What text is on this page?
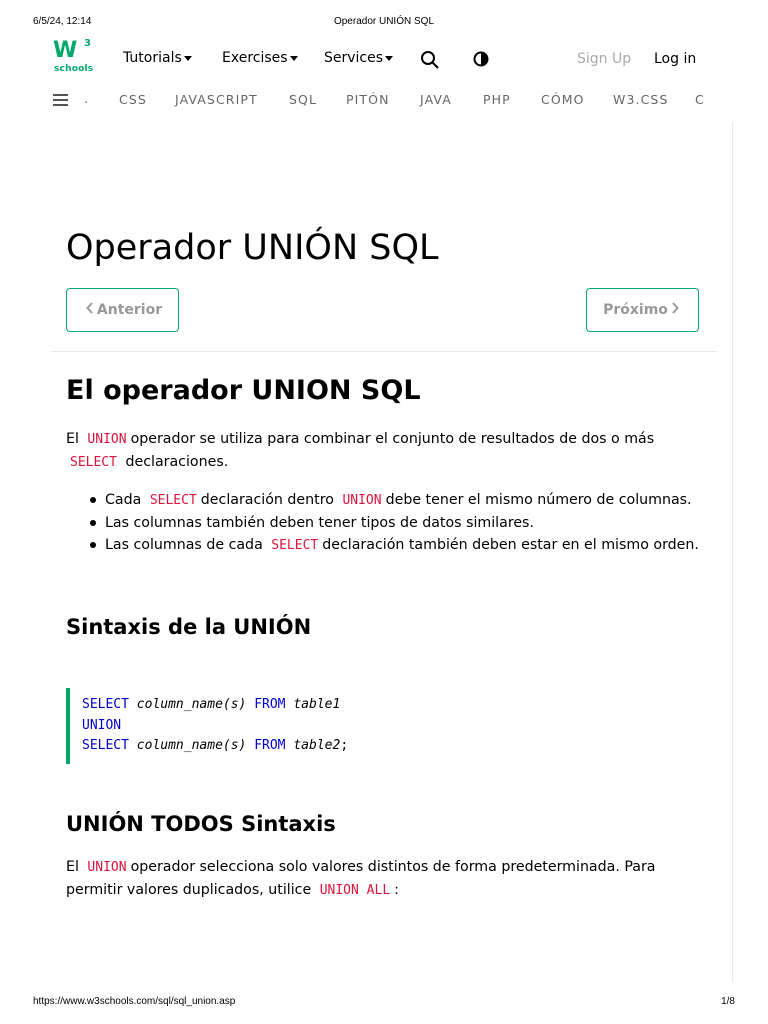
6/5/24, 12:14	Operador UNIÓN SQL
W 3
schools
Tutorials	Exercises	Services	Sign Up Log in
. CSS JAVASCRIPT	SQL PITÓN JAVA PHP CÓMO W3.CSS C
Operador UNIÓN SQL
Anterior	Próximo
El operador UNION SQL

El UNION operador se utiliza para combinar el conjunto de resultados de dos o más SELECT declaraciones.

Cada SELECT declaración dentro UNION debe tener el mismo número de columnas.
Las columnas también deben tener tipos de datos similares.
Las columnas de cada SELECT declaración también deben estar en el mismo orden.
Sintaxis de la UNIÓN
SELECT column_name(s) FROM table1
UNION
SELECT column_name(s) FROM table2;
UNIÓN TODOS Sintaxis

El UNION operador selecciona solo valores distintos de forma predeterminada. Para permitir valores duplicados, utilice UNION ALL :

https://www.w3schools.com/sql/sql_union.asp	1/8
